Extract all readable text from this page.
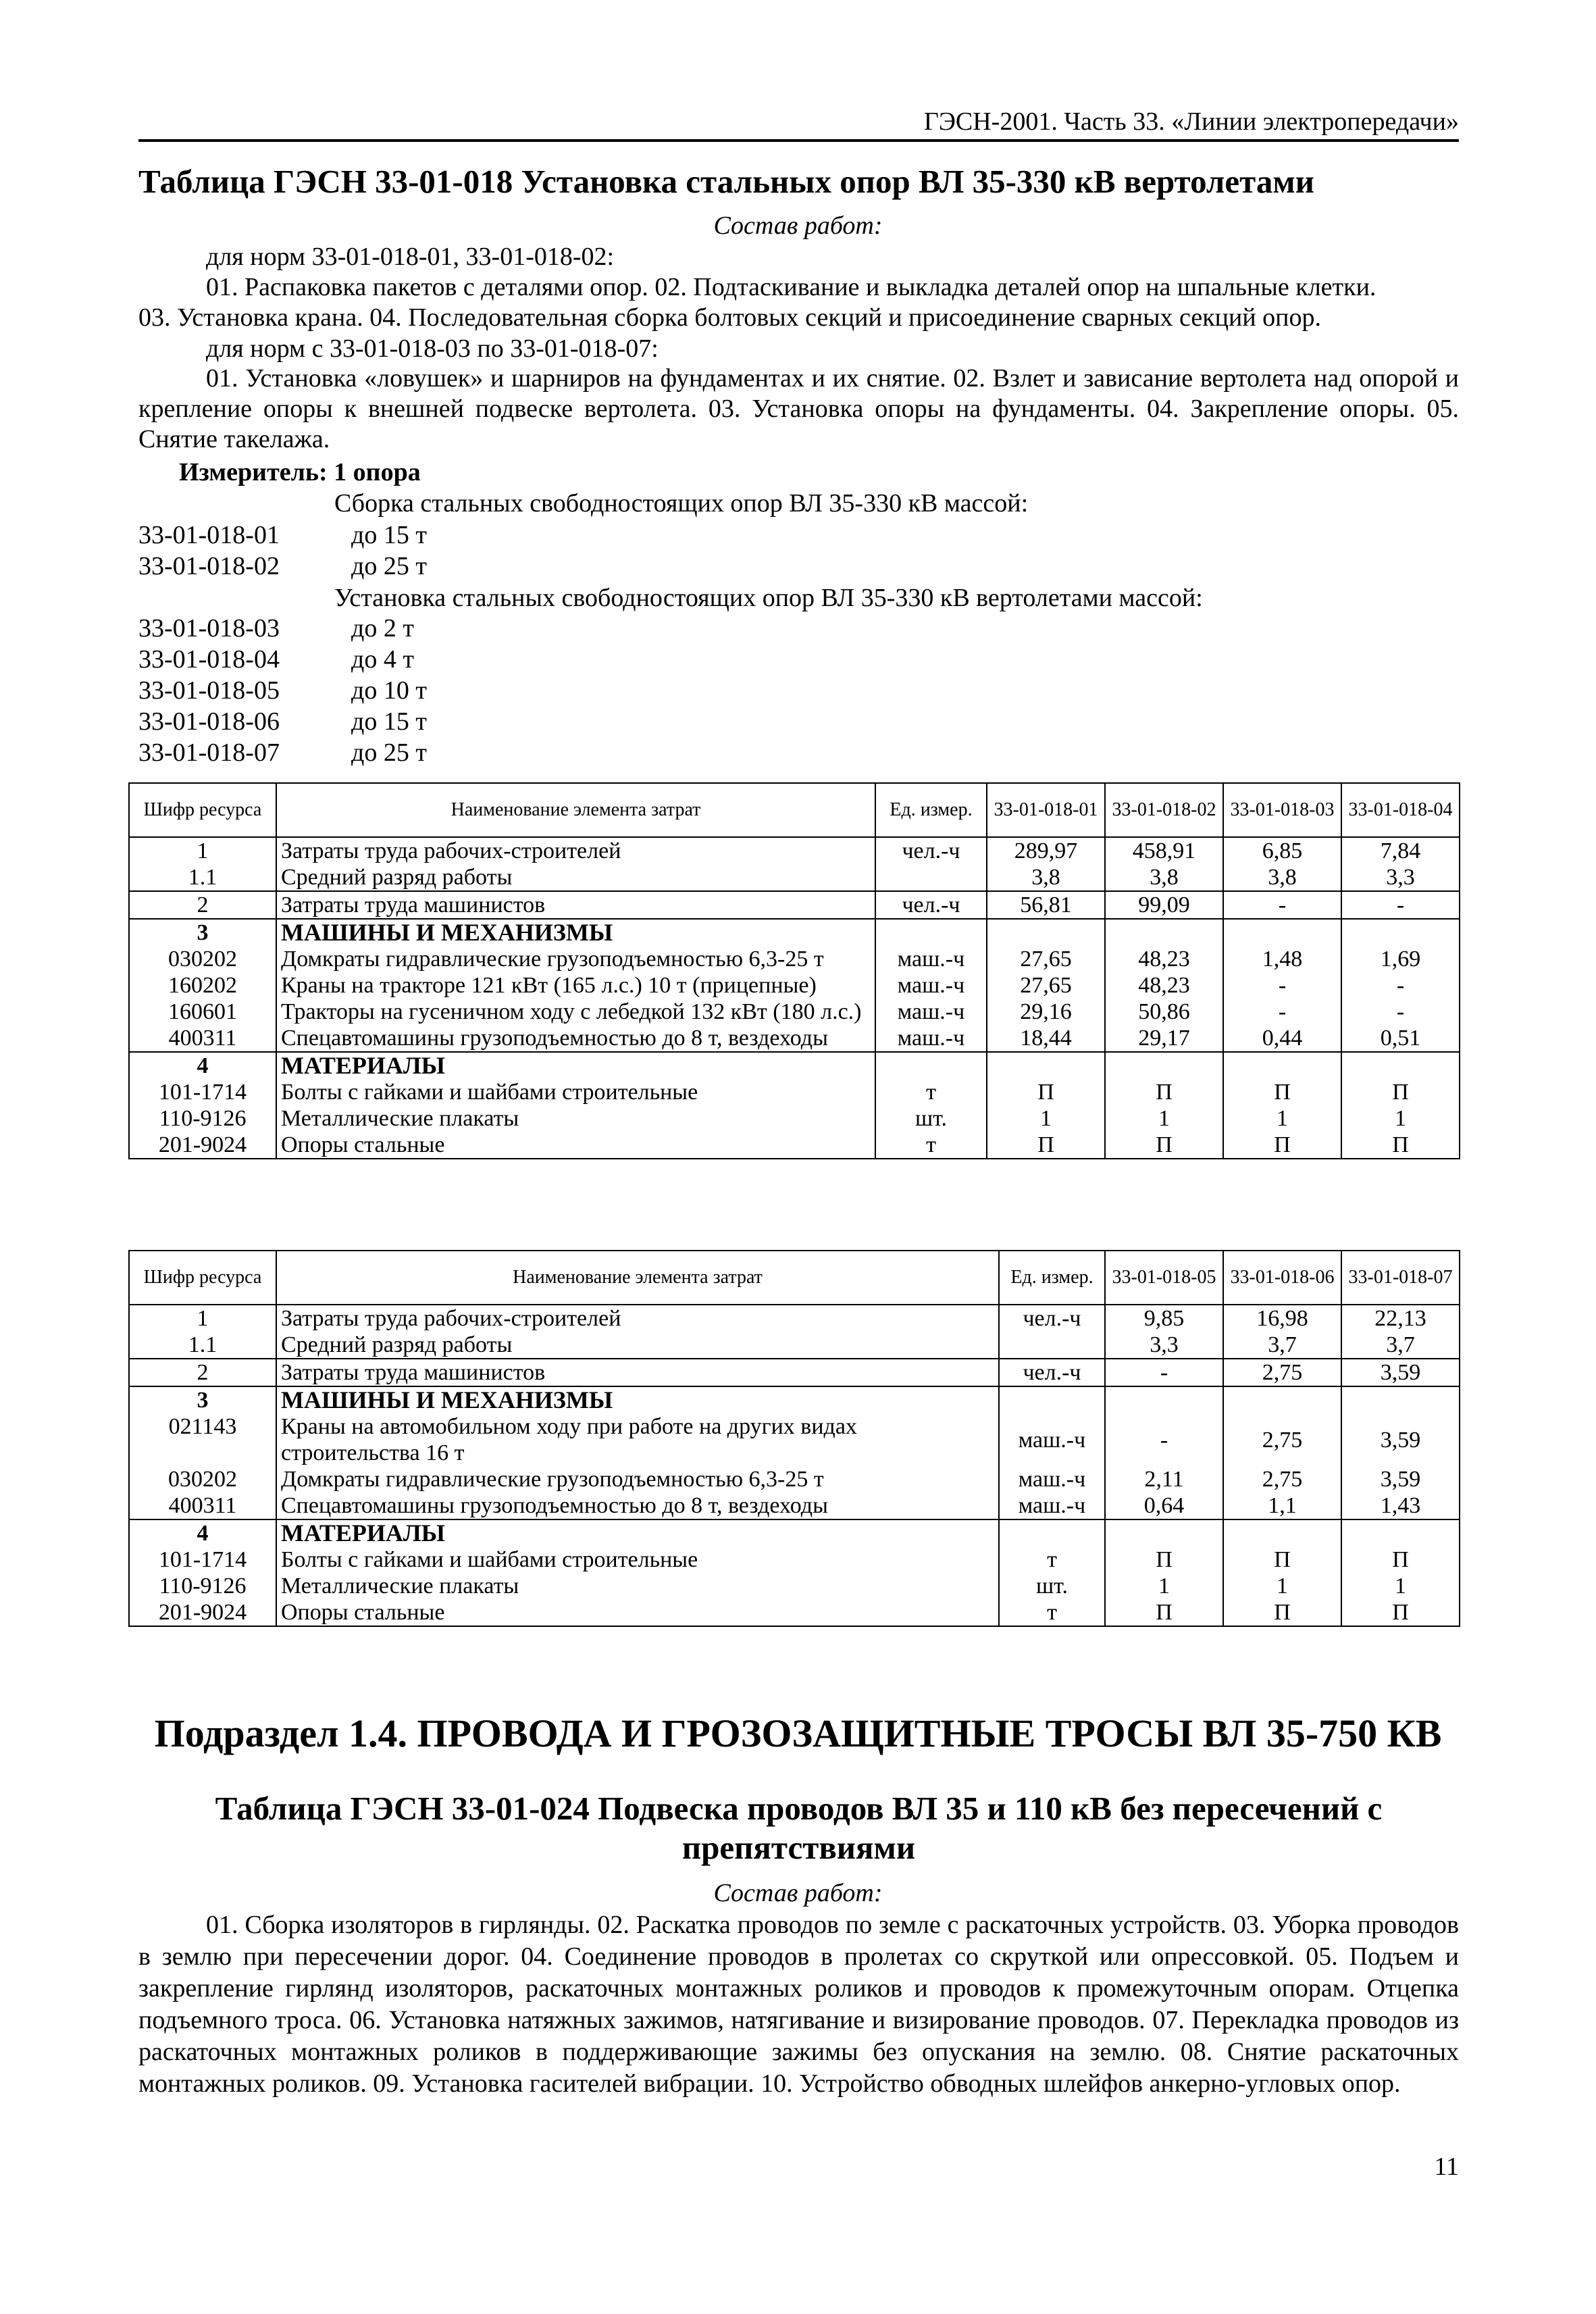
ГЭСН-2001. Часть 33. «Линии электропередачи»
Таблица ГЭСН 33-01-018 Установка стальных опор ВЛ 35-330 кВ вертолетами
Состав работ:
для норм 33-01-018-01, 33-01-018-02:
01. Распаковка пакетов с деталями опор. 02. Подтаскивание и выкладка деталей опор на шпальные клетки.
03. Установка крана. 04. Последовательная сборка болтовых секций и присоединение сварных секций опор.
для норм с 33-01-018-03 по 33-01-018-07:
01. Установка «ловушек» и шарниров на фундаментах и их снятие. 02. Взлет и зависание вертолета над опорой и крепление опоры к внешней подвеске вертолета. 03. Установка опоры на фундаменты. 04. Закрепление опоры. 05. Снятие такелажа.
Измеритель: 1 опора
Сборка стальных свободностоящих опор ВЛ 35-330 кВ массой:
33-01-018-01	до 15 т
33-01-018-02	до 25 т
Установка стальных свободностоящих опор ВЛ 35-330 кВ вертолетами массой:
33-01-018-03	до 2 т
33-01-018-04	до 4 т
33-01-018-05	до 10 т
33-01-018-06	до 15 т
33-01-018-07	до 25 т
Шифр ресурса	Наименование элемента затрат	Ед. измер.	33-01-018-01	33-01-018-02	33-01-018-03	33-01-018-04
1	Затраты труда рабочих-строителей	чел.-ч	289,97	458,91	6,85	7,84
1.1	Средний разряд работы		3,8	3,8	3,8	3,3
2	Затраты труда машинистов	чел.-ч	56,81	99,09	-	-
3	МАШИНЫ И МЕХАНИЗМЫ					
030202	Домкраты гидравлические грузоподъемностью 6,3-25 т	маш.-ч	27,65	48,23	1,48	1,69
160202	Краны на тракторе 121 кВт (165 л.с.) 10 т (прицепные)	маш.-ч	27,65	48,23	-	-
160601	Тракторы на гусеничном ходу с лебедкой 132 кВт (180 л.с.)	маш.-ч	29,16	50,86	-	-
400311	Спецавтомашины грузоподъемностью до 8 т, вездеходы	маш.-ч	18,44	29,17	0,44	0,51
4	МАТЕРИАЛЫ					
101-1714	Болты с гайками и шайбами строительные	т	П	П	П	П
110-9126	Металлические плакаты	шт.	1	1	1	1
201-9024	Опоры стальные	т	П	П	П	П
Шифр ресурса	Наименование элемента затрат	Ед. измер.	33-01-018-05	33-01-018-06	33-01-018-07
1	Затраты труда рабочих-строителей	чел.-ч	9,85	16,98	22,13
1.1	Средний разряд работы		3,3	3,7	3,7
2	Затраты труда машинистов	чел.-ч	-	2,75	3,59
3	МАШИНЫ И МЕХАНИЗМЫ				
021143	Краны на автомобильном ходу при работе на других видах строительства 16 т	маш.-ч	-	2,75	3,59
030202	Домкраты гидравлические грузоподъемностью 6,3-25 т	маш.-ч	2,11	2,75	3,59
400311	Спецавтомашины грузоподъемностью до 8 т, вездеходы	маш.-ч	0,64	1,1	1,43
4	МАТЕРИАЛЫ				
101-1714	Болты с гайками и шайбами строительные	т	П	П	П
110-9126	Металлические плакаты	шт.	1	1	1
201-9024	Опоры стальные	т	П	П	П
Подраздел 1.4. ПРОВОДА И ГРОЗОЗАЩИТНЫЕ ТРОСЫ ВЛ 35-750 КВ
Таблица ГЭСН 33-01-024 Подвеска проводов ВЛ 35 и 110 кВ без пересечений с
препятствиями
Состав работ:
01. Сборка изоляторов в гирлянды. 02. Раскатка проводов по земле с раскаточных устройств. 03. Уборка проводов в землю при пересечении дорог. 04. Соединение проводов в пролетах со скруткой или опрессовкой. 05. Подъем и закрепление гирлянд изоляторов, раскаточных монтажных роликов и проводов к промежуточным опорам. Отцепка подъемного троса. 06. Установка натяжных зажимов, натягивание и визирование проводов. 07. Перекладка проводов из раскаточных монтажных роликов в поддерживающие зажимы без опускания на землю. 08. Снятие раскаточных монтажных роликов. 09. Установка гасителей вибрации. 10. Устройство обводных шлейфов анкерно-угловых опор.
11
